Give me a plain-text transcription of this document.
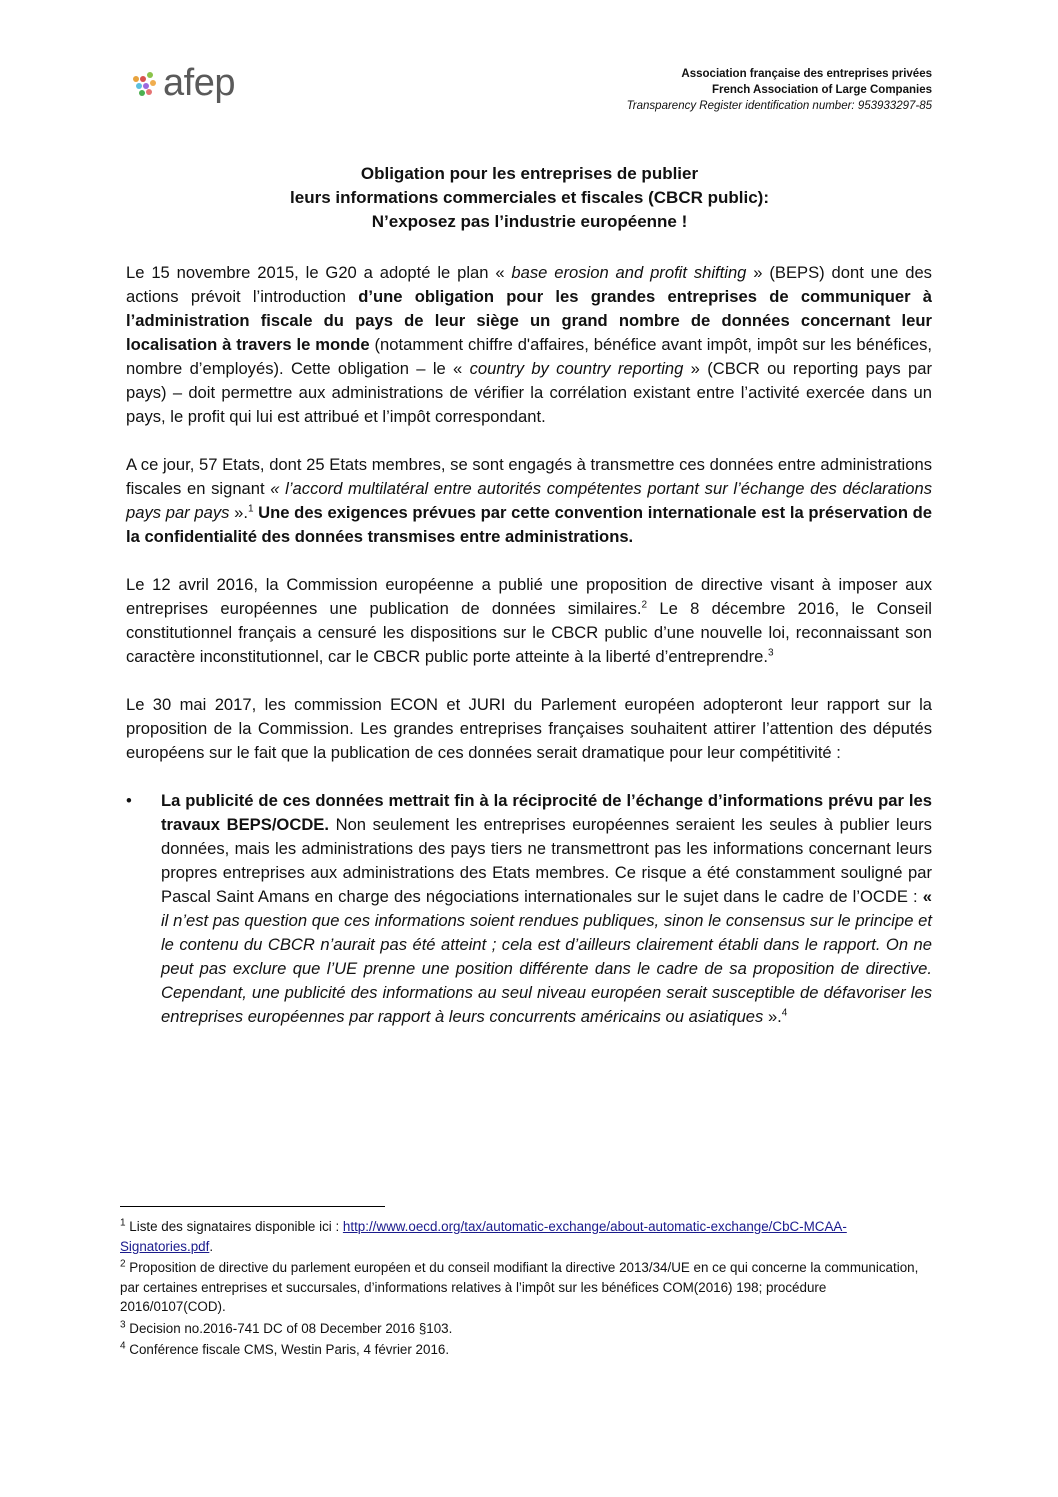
afep	Association française des entreprises privées
French Association of Large Companies
Transparency Register identification number: 953933297-85
Obligation pour les entreprises de publier
leurs informations commerciales et fiscales (CBCR public):
N’exposez pas l’industrie européenne !

Le 15 novembre 2015, le G20 a adopté le plan « base erosion and profit shifting » (BEPS) dont une des actions prévoit l’introduction d’une obligation pour les grandes entreprises de communiquer à l’administration fiscale du pays de leur siège un grand nombre de données concernant leur localisation à travers le monde (notamment chiffre d'affaires, bénéfice avant impôt, impôt sur les bénéfices, nombre d’employés). Cette obligation – le « country by country reporting » (CBCR ou reporting pays par pays) – doit permettre aux administrations de vérifier la corrélation existant entre l’activité exercée dans un pays, le profit qui lui est attribué et l’impôt correspondant.

A ce jour, 57 Etats, dont 25 Etats membres, se sont engagés à transmettre ces données entre administrations fiscales en signant « l’accord multilatéral entre autorités compétentes portant sur l’échange des déclarations pays par pays ».$^1$ Une des exigences prévues par cette convention internationale est la préservation de la confidentialité des données transmises entre administrations.

Le 12 avril 2016, la Commission européenne a publié une proposition de directive visant à imposer aux entreprises européennes une publication de données similaires.$^2$ Le 8 décembre 2016, le Conseil constitutionnel français a censuré les dispositions sur le CBCR public d’une nouvelle loi, reconnaissant son caractère inconstitutionnel, car le CBCR public porte atteinte à la liberté d’entreprendre.$^3$

Le 30 mai 2017, les commission ECON et JURI du Parlement européen adopteront leur rapport sur la proposition de la Commission. Les grandes entreprises françaises souhaitent attirer l’attention des députés européens sur le fait que la publication de ces données serait dramatique pour leur compétitivité :

• La publicité de ces données mettrait fin à la réciprocité de l’échange d’informations prévu par les travaux BEPS/OCDE. Non seulement les entreprises européennes seraient les seules à publier leurs données, mais les administrations des pays tiers ne transmettront pas les informations concernant leurs propres entreprises aux administrations des Etats membres. Ce risque a été constamment souligné par Pascal Saint Amans en charge des négociations internationales sur le sujet dans le cadre de l’OCDE : « il n’est pas question que ces informations soient rendues publiques, sinon le consensus sur le principe et le contenu du CBCR n’aurait pas été atteint ; cela est d’ailleurs clairement établi dans le rapport. On ne peut pas exclure que l’UE prenne une position différente dans le cadre de sa proposition de directive. Cependant, une publicité des informations au seul niveau européen serait susceptible de défavoriser les entreprises européennes par rapport à leurs concurrents américains ou asiatiques ».$^4$

$^1$ Liste des signataires disponible ici : http://www.oecd.org/tax/automatic-exchange/about-automatic-exchange/CbC-MCAA-Signatories.pdf.
$^2$ Proposition de directive du parlement européen et du conseil modifiant la directive 2013/34/UE en ce qui concerne la communication, par certaines entreprises et succursales, d’informations relatives à l’impôt sur les bénéfices COM(2016) 198; procédure 2016/0107(COD).
$^3$ Decision no.2016-741 DC of 08 December 2016 §103.
$^4$ Conférence fiscale CMS, Westin Paris, 4 février 2016.
